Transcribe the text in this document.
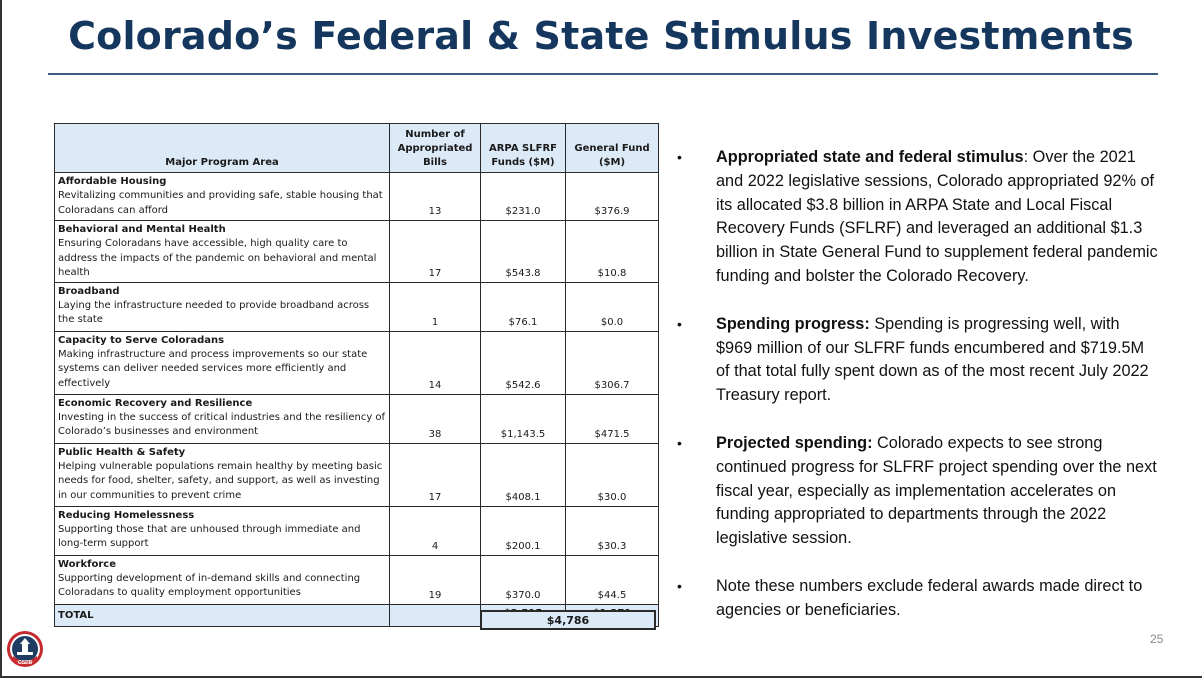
Colorado’s Federal & State Stimulus Investments
Major Program Area	Number of Appropriated Bills	ARPA SLFRF Funds ($M)	General Fund ($M)

Affordable Housing
Revitalizing communities and providing safe, stable housing that Coloradans can afford	13	$231.0	$376.9

Behavioral and Mental Health
Ensuring Coloradans have accessible, high quality care to address the impacts of the pandemic on behavioral and mental health	17	$543.8	$10.8

Broadband
Laying the infrastructure needed to provide broadband across the state	1	$76.1	$0.0

Capacity to Serve Coloradans
Making infrastructure and process improvements so our state systems can deliver needed services more efficiently and effectively	14	$542.6	$306.7

Economic Recovery and Resilience
Investing in the success of critical industries and the resiliency of Colorado’s businesses and environment	38	$1,143.5	$471.5

Public Health & Safety
Helping vulnerable populations remain healthy by meeting basic needs for food, shelter, safety, and support, as well as investing in our communities to prevent crime	17	$408.1	$30.0

Reducing Homelessness
Supporting those that are unhoused through immediate and long-term support	4	$200.1	$30.3

Workforce
Supporting development of in-demand skills and connecting Coloradans to quality employment opportunities	19	$370.0	$44.5
TOTAL				$4,786
• Appropriated state and federal stimulus: Over the 2021 and 2022 legislative sessions, Colorado appropriated 92% of its allocated $3.8 billion in ARPA State and Local Fiscal Recovery Funds (SFLRF) and leveraged an additional $1.3 billion in State General Fund to supplement federal pandemic funding and bolster the Colorado Recovery.
• Spending progress: Spending is progressing well, with $969 million of our SLFRF funds encumbered and $719.5M of that total fully spent down as of the most recent July 2022 Treasury report.
• Projected spending: Colorado expects to see strong continued progress for SLFRF project spending over the next fiscal year, especially as implementation accelerates on funding appropriated to departments through the 2022 legislative session.
• Note these numbers exclude federal awards made direct to agencies or beneficiaries.
25
OSPB
